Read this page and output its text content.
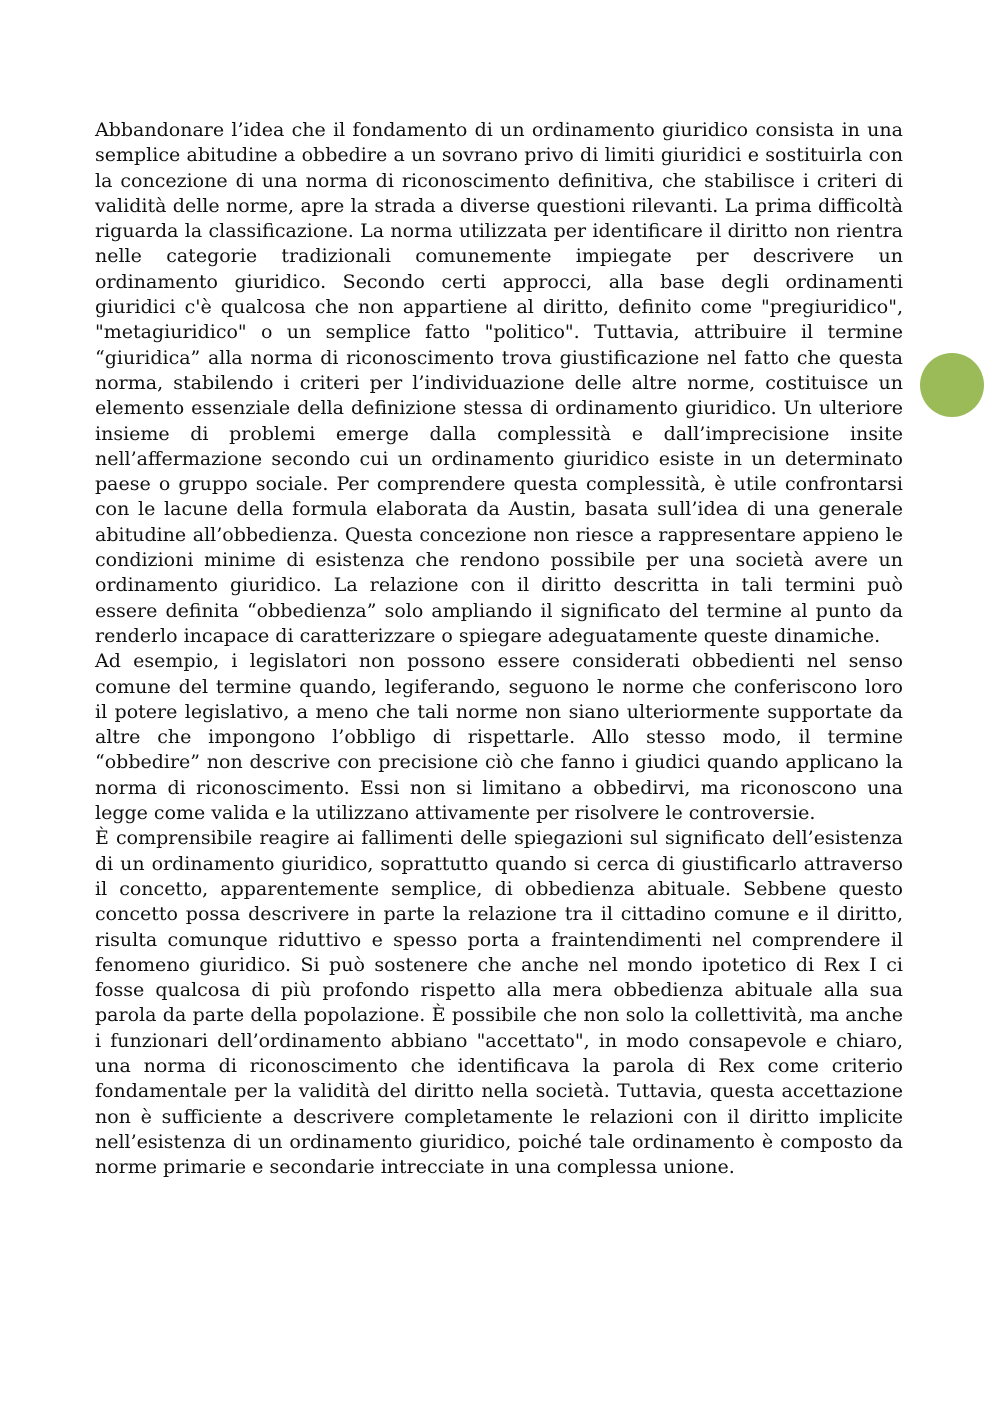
Abbandonare l’idea che il fondamento di un ordinamento giuridico consista in una semplice abitudine a obbedire a un sovrano privo di limiti giuridici e sostituirla con la concezione di una norma di riconoscimento definitiva, che stabilisce i criteri di validità delle norme, apre la strada a diverse questioni rilevanti. La prima difficoltà riguarda la classificazione. La norma utilizzata per identificare il diritto non rientra nelle categorie tradizionali comunemente impiegate per descrivere un ordinamento giuridico. Secondo certi approcci, alla base degli ordinamenti giuridici c'è qualcosa che non appartiene al diritto, definito come "pregiuridico", "metagiuridico" o un semplice fatto "politico". Tuttavia, attribuire il termine “giuridica” alla norma di riconoscimento trova giustificazione nel fatto che questa norma, stabilendo i criteri per l’individuazione delle altre norme, costituisce un elemento essenziale della definizione stessa di ordinamento giuridico. Un ulteriore insieme di problemi emerge dalla complessità e dall’imprecisione insite nell’affermazione secondo cui un ordinamento giuridico esiste in un determinato paese o gruppo sociale. Per comprendere questa complessità, è utile confrontarsi con le lacune della formula elaborata da Austin, basata sull’idea di una generale abitudine all’obbedienza. Questa concezione non riesce a rappresentare appieno le condizioni minime di esistenza che rendono possibile per una società avere un ordinamento giuridico. La relazione con il diritto descritta in tali termini può essere definita “obbedienza” solo ampliando il significato del termine al punto da renderlo incapace di caratterizzare o spiegare adeguatamente queste dinamiche.

Ad esempio, i legislatori non possono essere considerati obbedienti nel senso comune del termine quando, legiferando, seguono le norme che conferiscono loro il potere legislativo, a meno che tali norme non siano ulteriormente supportate da altre che impongono l’obbligo di rispettarle. Allo stesso modo, il termine “obbedire” non descrive con precisione ciò che fanno i giudici quando applicano la norma di riconoscimento. Essi non si limitano a obbedirvi, ma riconoscono una legge come valida e la utilizzano attivamente per risolvere le controversie.

È comprensibile reagire ai fallimenti delle spiegazioni sul significato dell’esistenza di un ordinamento giuridico, soprattutto quando si cerca di giustificarlo attraverso il concetto, apparentemente semplice, di obbedienza abituale. Sebbene questo concetto possa descrivere in parte la relazione tra il cittadino comune e il diritto, risulta comunque riduttivo e spesso porta a fraintendimenti nel comprendere il fenomeno giuridico. Si può sostenere che anche nel mondo ipotetico di Rex I ci fosse qualcosa di più profondo rispetto alla mera obbedienza abituale alla sua parola da parte della popolazione. È possibile che non solo la collettività, ma anche i funzionari dell’ordinamento abbiano "accettato", in modo consapevole e chiaro, una norma di riconoscimento che identificava la parola di Rex come criterio fondamentale per la validità del diritto nella società. Tuttavia, questa accettazione non è sufficiente a descrivere completamente le relazioni con il diritto implicite nell’esistenza di un ordinamento giuridico, poiché tale ordinamento è composto da norme primarie e secondarie intrecciate in una complessa unione.
